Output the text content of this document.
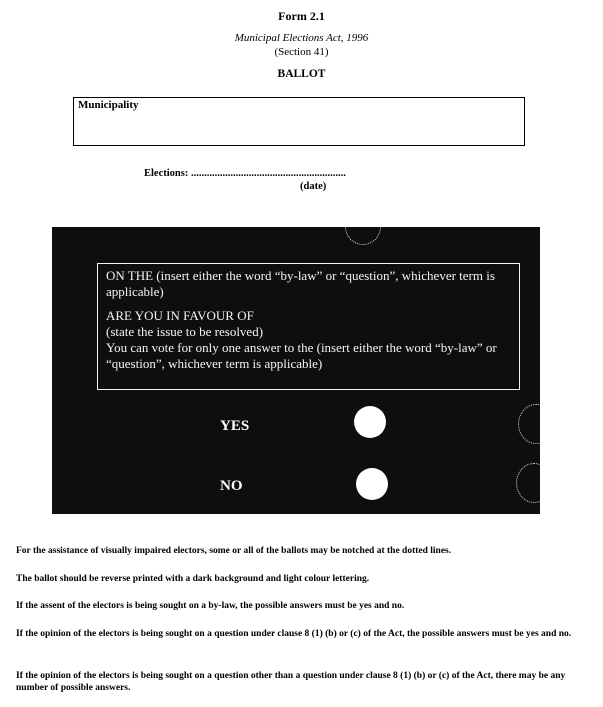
Form 2.1
Municipal Elections Act, 1996
(Section 41)
BALLOT
Municipality
Elections: ...........................................................
(date)

ON THE (insert either the word “by-law” or “question”, whichever term is applicable)

ARE YOU IN FAVOUR OF

(state the issue to be resolved)

You can vote for only one answer to the (insert either the word “by-law” or “question”, whichever term is applicable)

YES
NO
For the assistance of visually impaired electors, some or all of the ballots may be notched at the dotted lines.
The ballot should be reverse printed with a dark background and light colour lettering.
If the assent of the electors is being sought on a by-law, the possible answers must be yes and no.
If the opinion of the electors is being sought on a question under clause 8 (1) (b) or (c) of the Act, the possible answers must be yes and no.
If the opinion of the electors is being sought on a question other than a question under clause 8 (1) (b) or (c) of the Act, there may be any number of possible answers.
